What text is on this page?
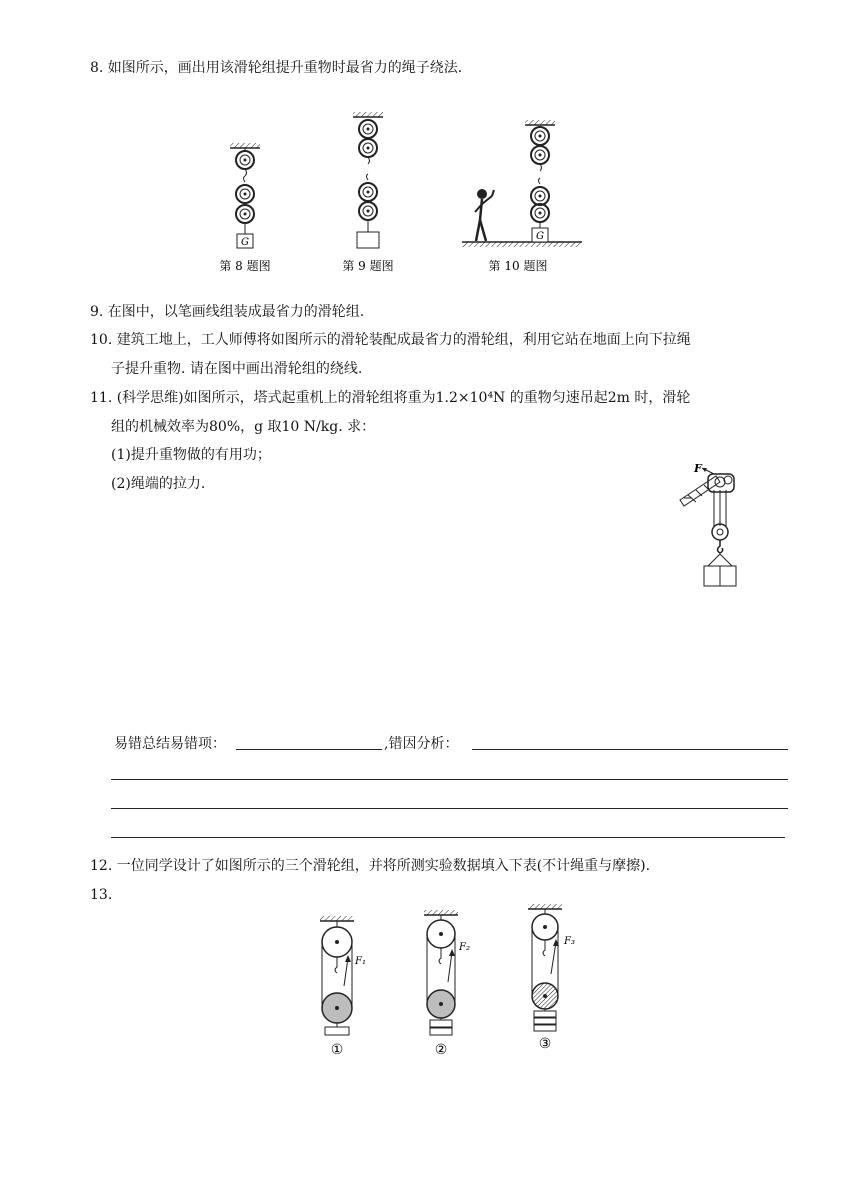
8. 如图所示，画出用该滑轮组提升重物时最省力的绳子绕法.
G
G
第 8 题图	第 9 题图	第 10 题图
9. 在图中，以笔画线组装成最省力的滑轮组.
10. 建筑工地上，工人师傅将如图所示的滑轮装配成最省力的滑轮组，利用它站在地面上向下拉绳
子提升重物. 请在图中画出滑轮组的绕线.
11. (科学思维)如图所示，塔式起重机上的滑轮组将重为1.2×10⁴N 的重物匀速吊起2m 时，滑轮
组的机械效率为80%，g 取10 N/kg. 求：
(1)提升重物做的有用功；
(2)绳端的拉力.
F
易错总结易错项：	,错因分析：
12. 一位同学设计了如图所示的三个滑轮组，并将所测实验数据填入下表(不计绳重与摩擦).
13.
F₁
①
F₂
②
F₃
③
